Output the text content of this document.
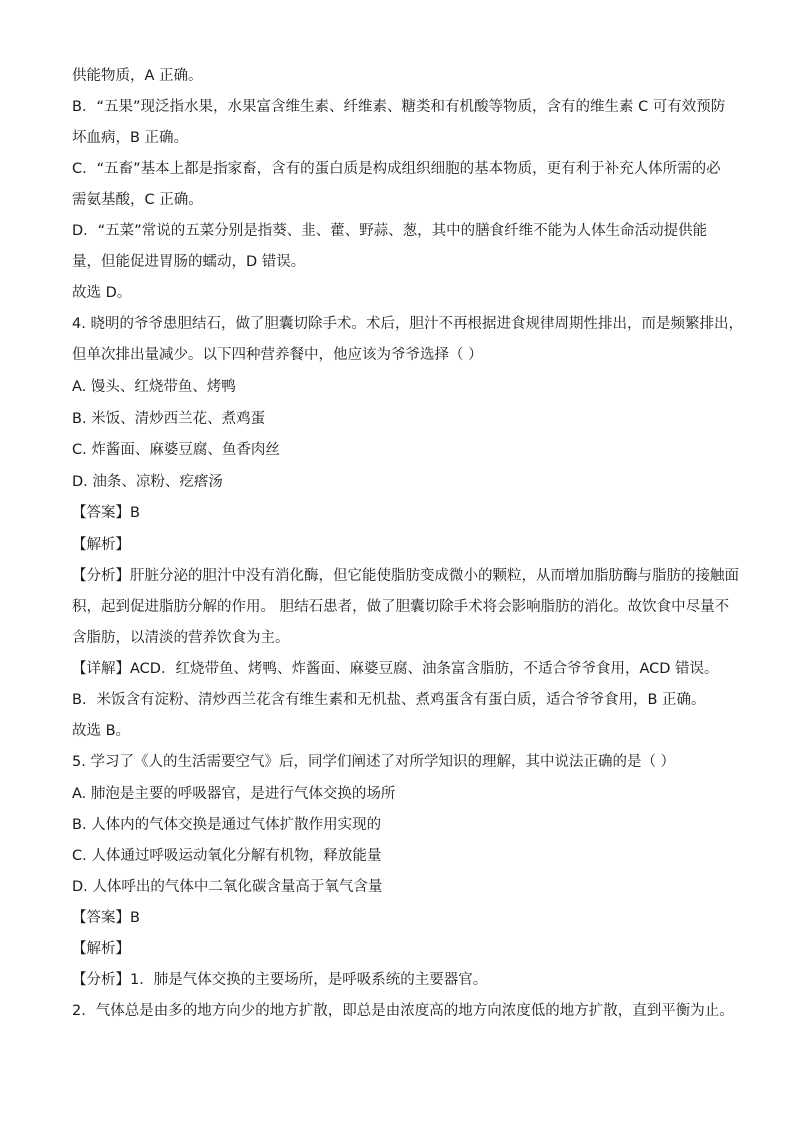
供能物质，A 正确。
B．“五果”现泛指水果，水果富含维生素、纤维素、糖类和有机酸等物质，含有的维生素 C 可有效预防
坏血病，B 正确。
C．“五畜”基本上都是指家畜，含有的蛋白质是构成组织细胞的基本物质，更有利于补充人体所需的必
需氨基酸，C 正确。
D．“五菜”常说的五菜分别是指葵、韭、藿、野蒜、葱，其中的膳食纤维不能为人体生命活动提供能
量，但能促进胃肠的蠕动，D 错误。
故选 D。
4. 晓明的爷爷患胆结石，做了胆囊切除手术。术后，胆汁不再根据进食规律周期性排出，而是频繁排出，
但单次排出量减少。以下四种营养餐中，他应该为爷爷选择（ ）
A. 馒头、红烧带鱼、烤鸭
B. 米饭、清炒西兰花、煮鸡蛋
C. 炸酱面、麻婆豆腐、鱼香肉丝
D. 油条、凉粉、疙瘩汤
【答案】B
【解析】
【分析】肝脏分泌的胆汁中没有消化酶，但它能使脂肪变成微小的颗粒，从而增加脂肪酶与脂肪的接触面
积，起到促进脂肪分解的作用。 胆结石患者，做了胆囊切除手术将会影响脂肪的消化。故饮食中尽量不
含脂肪，以清淡的营养饮食为主。
【详解】ACD．红烧带鱼、烤鸭、炸酱面、麻婆豆腐、油条富含脂肪，不适合爷爷食用，ACD 错误。
B．米饭含有淀粉、清炒西兰花含有维生素和无机盐、煮鸡蛋含有蛋白质，适合爷爷食用，B 正确。
故选 B。
5. 学习了《人的生活需要空气》后，同学们阐述了对所学知识的理解，其中说法正确的是（ ）
A. 肺泡是主要的呼吸器官，是进行气体交换的场所
B. 人体内的气体交换是通过气体扩散作用实现的
C. 人体通过呼吸运动氧化分解有机物，释放能量
D. 人体呼出的气体中二氧化碳含量高于氧气含量
【答案】B
【解析】
【分析】1．肺是气体交换的主要场所，是呼吸系统的主要器官。
2．气体总是由多的地方向少的地方扩散，即总是由浓度高的地方向浓度低的地方扩散，直到平衡为止。
